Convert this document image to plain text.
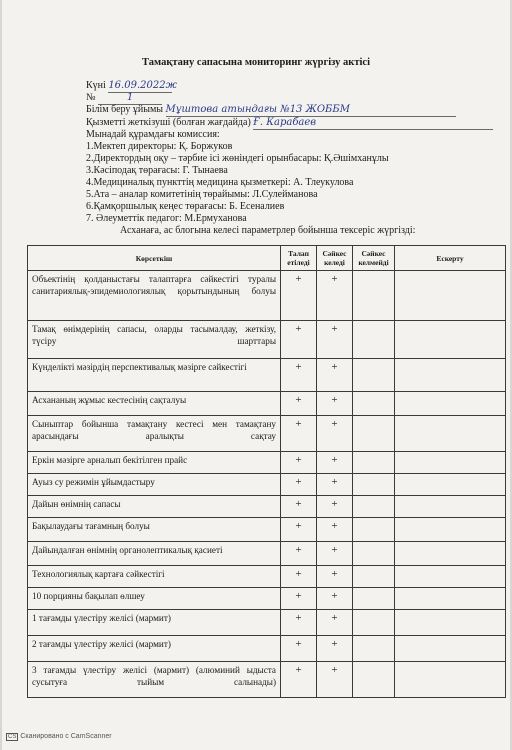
Тамақтану сапасына мониторинг жүргізу актісі
Күні 16.09.2022ж
№	1
Білім беру ұйымы Мұштова атындағы №13 ЖОББМ
Қызметті жеткізуші (болған жағдайда) Ғ. Карабаев
Мынадай құрамдағы комиссия:
1.Мектеп директоры: Қ. Боржуков
2.Директордың оқу – тәрбие ісі жөніндегі орынбасары: Қ.Әшімханұлы
3.Кәсіподақ төрағасы: Г. Тынаева
4.Медициналық пункттің медицина қызметкері: А. Тлеукулова
5.Ата – аналар комитетінің төрайымы: Л.Сулейманова
6.Қамқоршылық кеңес төрағасы: Б. Есеналиев
7. Әлеуметтік педагог: М.Ермуханова
Асханаға, ас блогына келесі параметрлер бойынша тексеріс жүргізді:
Көрсеткіш	Талап етіледі	Сәйкес келеді	Сәйкес келмейді	Ескерту
Объектінің қолданыстағы талаптарға сәйкестігі туралы санитариялық-эпидемиологиялық қорытындының болуы	+	+		
Тамақ өнімдерінің сапасы, оларды тасымалдау, жеткізу, түсіру шарттары	+	+		
Күнделікті мәзірдің перспективалық мәзірге сәйкестігі	+	+		
Асхананың жұмыс кестесінің сақталуы	+	+		
Сыныптар бойынша тамақтану кестесі мен тамақтану арасындағы аралықты сақтау	+	+		
Еркін мәзірге арналып бекітілген прайс	+	+		
Ауыз су режимін ұйымдастыру	+	+		
Дайын өнімнің сапасы	+	+		
Бақылаудағы тағамның болуы	+	+		
Дайындалған өнімнің органолептикалық қасиеті	+	+		
Технологиялық картаға сәйкестігі	+	+		
10 порцияны бақылап өлшеу	+	+		
1 тағамды үлестіру желісі (мармит)	+	+		
2 тағамды үлестіру желісі (мармит)	+	+		
3 тағамды үлестіру желісі (мармит) (алюминий ыдыста сусытуға тыйым салынады)	+	+		
CS Сканировано с CamScanner
